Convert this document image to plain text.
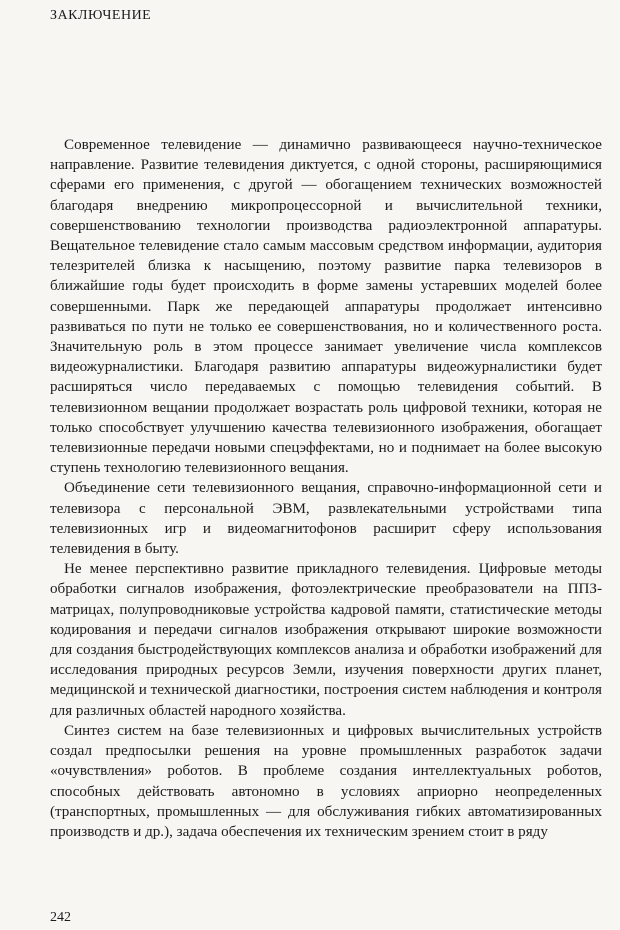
ЗАКЛЮЧЕНИЕ

Современное телевидение — динамично развивающееся научно-техническое направление. Развитие телевидения диктуется, с одной стороны, расширяющимися сферами его применения, с другой — обогащением технических возможностей благодаря внедрению микропроцессорной и вычислительной техники, совершенствованию технологии производства радиоэлектронной аппаратуры. Вещательное телевидение стало самым массовым средством информации, аудитория телезрителей близка к насыщению, поэтому развитие парка телевизоров в ближайшие годы будет происходить в форме замены устаревших моделей более совершенными. Парк же передающей аппаратуры продолжает интенсивно развиваться по пути не только ее совершенствования, но и количественного роста. Значительную роль в этом процессе занимает увеличение числа комплексов видеожурналистики. Благодаря развитию аппаратуры видеожурналистики будет расширяться число передаваемых с помощью телевидения событий. В телевизионном вещании продолжает возрастать роль цифровой техники, которая не только способствует улучшению качества телевизионного изображения, обогащает телевизионные передачи новыми спецэффектами, но и поднимает на более высокую ступень технологию телевизионного вещания.

Объединение сети телевизионного вещания, справочно-информационной сети и телевизора с персональной ЭВМ, развлекательными устройствами типа телевизионных игр и видеомагнитофонов расширит сферу использования телевидения в быту.

Не менее перспективно развитие прикладного телевидения. Цифровые методы обработки сигналов изображения, фотоэлектрические преобразователи на ППЗ-матрицах, полупроводниковые устройства кадровой памяти, статистические методы кодирования и передачи сигналов изображения открывают широкие возможности для создания быстродействующих комплексов анализа и обработки изображений для исследования природных ресурсов Земли, изучения поверхности других планет, медицинской и технической диагностики, построения систем наблюдения и контроля для различных областей народного хозяйства.

Синтез систем на базе телевизионных и цифровых вычислительных устройств создал предпосылки решения на уровне промышленных разработок задачи «очувствления» роботов. В проблеме создания интеллектуальных роботов, способных действовать автономно в условиях априорно неопределенных (транспортных, промышленных — для обслуживания гибких автоматизированных производств и др.), задача обеспечения их техническим зрением стоит в ряду

242
